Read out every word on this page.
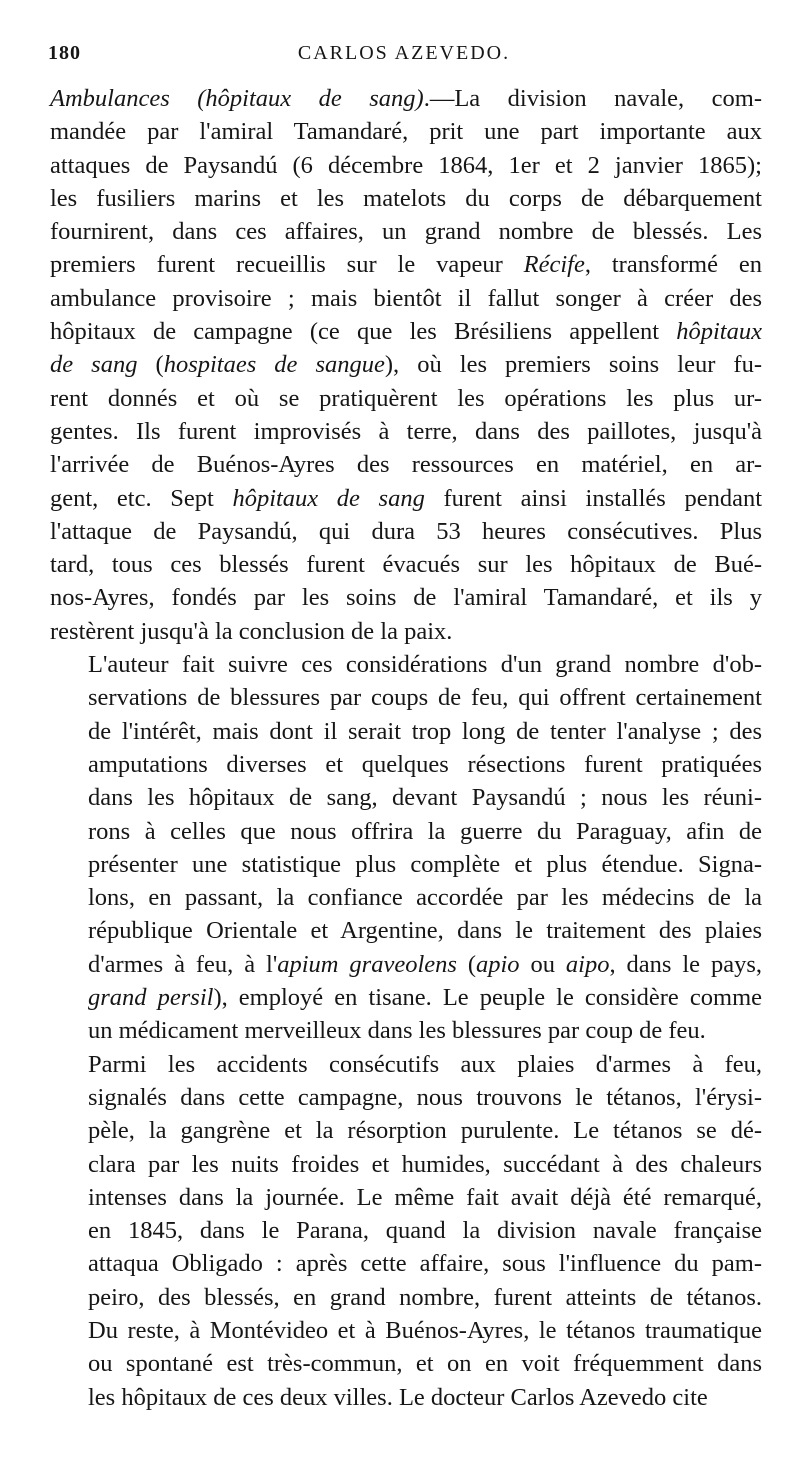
180	CARLOS AZEVEDO.

Ambulances (hôpitaux de sang).—La division navale, com-
mandée par l'amiral Tamandaré, prit une part importante aux
attaques de Paysandú (6 décembre 1864, 1er et 2 janvier 1865);
les fusiliers marins et les matelots du corps de débarquement
fournirent, dans ces affaires, un grand nombre de blessés. Les
premiers furent recueillis sur le vapeur Récife, transformé en
ambulance provisoire ; mais bientôt il fallut songer à créer des
hôpitaux de campagne (ce que les Brésiliens appellent hôpitaux
de sang (hospitaes de sangue), où les premiers soins leur fu-
rent donnés et où se pratiquèrent les opérations les plus ur-
gentes. Ils furent improvisés à terre, dans des paillotes, jusqu'à
l'arrivée de Buénos-Ayres des ressources en matériel, en ar-
gent, etc. Sept hôpitaux de sang furent ainsi installés pendant
l'attaque de Paysandú, qui dura 53 heures consécutives. Plus
tard, tous ces blessés furent évacués sur les hôpitaux de Bué-
nos-Ayres, fondés par les soins de l'amiral Tamandaré, et ils y
restèrent jusqu'à la conclusion de la paix.

L'auteur fait suivre ces considérations d'un grand nombre d'ob-
servations de blessures par coups de feu, qui offrent certainement
de l'intérêt, mais dont il serait trop long de tenter l'analyse ; des
amputations diverses et quelques résections furent pratiquées
dans les hôpitaux de sang, devant Paysandú ; nous les réuni-
rons à celles que nous offrira la guerre du Paraguay, afin de
présenter une statistique plus complète et plus étendue. Signa-
lons, en passant, la confiance accordée par les médecins de la
république Orientale et Argentine, dans le traitement des plaies
d'armes à feu, à l'apium graveolens (apio ou aipo, dans le pays,
grand persil), employé en tisane. Le peuple le considère comme
un médicament merveilleux dans les blessures par coup de feu.

Parmi les accidents consécutifs aux plaies d'armes à feu,
signalés dans cette campagne, nous trouvons le tétanos, l'érysi-
pèle, la gangrène et la résorption purulente. Le tétanos se dé-
clara par les nuits froides et humides, succédant à des chaleurs
intenses dans la journée. Le même fait avait déjà été remarqué,
en 1845, dans le Parana, quand la division navale française
attaqua Obligado : après cette affaire, sous l'influence du pam-
peiro, des blessés, en grand nombre, furent atteints de tétanos.
Du reste, à Montévideo et à Buénos-Ayres, le tétanos traumatique
ou spontané est très-commun, et on en voit fréquemment dans
les hôpitaux de ces deux villes. Le docteur Carlos Azevedo cite
